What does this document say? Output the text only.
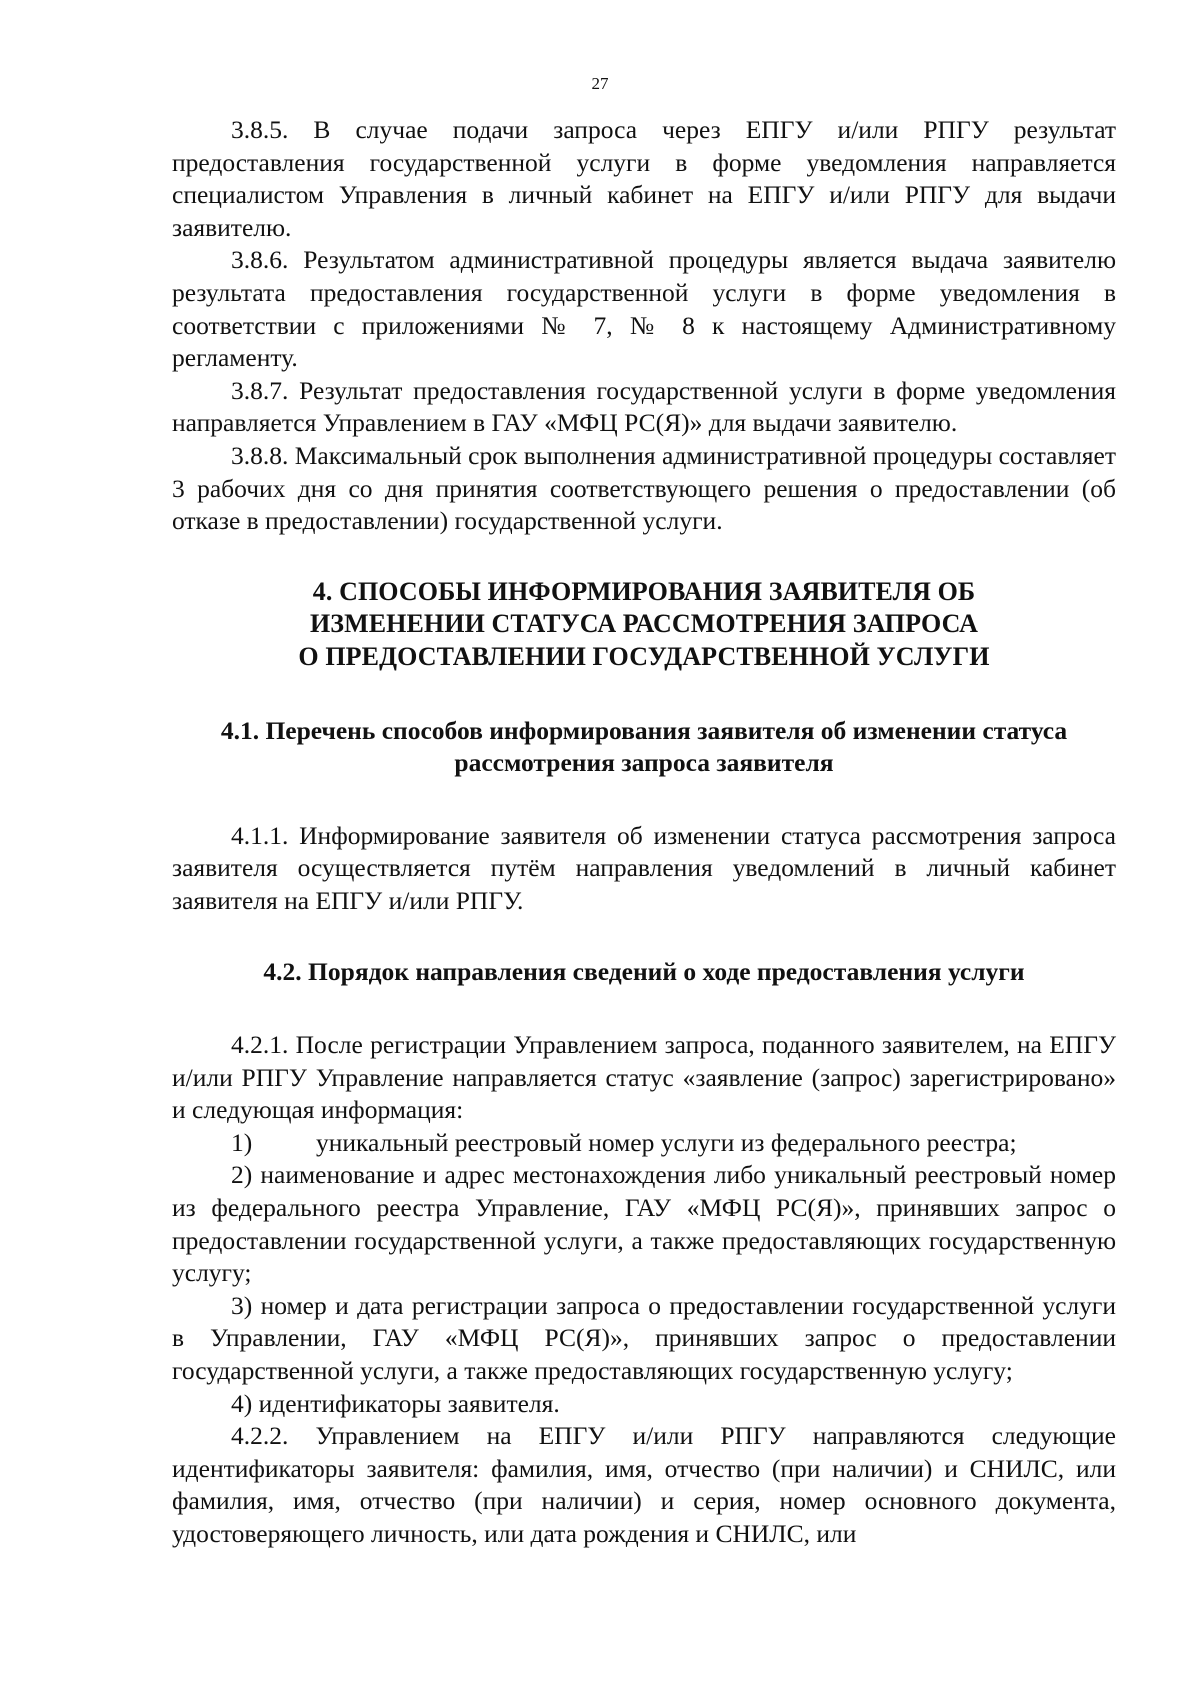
27

3.8.5. В случае подачи запроса через ЕПГУ и/или РПГУ результат предоставления государственной услуги в форме уведомления направляется специалистом Управления в личный кабинет на ЕПГУ и/или РПГУ для выдачи заявителю.

3.8.6. Результатом административной процедуры является выдача заявителю результата предоставления государственной услуги в форме уведомления в соответствии с приложениями № 7, № 8 к настоящему Административному регламенту.

3.8.7. Результат предоставления государственной услуги в форме уведомления направляется Управлением в ГАУ «МФЦ РС(Я)» для выдачи заявителю.

3.8.8. Максимальный срок выполнения административной процедуры составляет 3 рабочих дня со дня принятия соответствующего решения о предоставлении (об отказе в предоставлении) государственной услуги.

4. СПОСОБЫ ИНФОРМИРОВАНИЯ ЗАЯВИТЕЛЯ ОБ
ИЗМЕНЕНИИ СТАТУСА РАССМОТРЕНИЯ ЗАПРОСА
О ПРЕДОСТАВЛЕНИИ ГОСУДАРСТВЕННОЙ УСЛУГИ
4.1. Перечень способов информирования заявителя об изменении статуса
рассмотрения запроса заявителя

4.1.1. Информирование заявителя об изменении статуса рассмотрения запроса заявителя осуществляется путём направления уведомлений в личный кабинет заявителя на ЕПГУ и/или РПГУ.

4.2. Порядок направления сведений о ходе предоставления услуги

4.2.1. После регистрации Управлением запроса, поданного заявителем, на ЕПГУ и/или РПГУ Управление направляется статус «заявление (запрос) зарегистрировано» и следующая информация:

1)	уникальный реестровый номер услуги из федерального реестра;

2) наименование и адрес местонахождения либо уникальный реестровый номер из федерального реестра Управление, ГАУ «МФЦ РС(Я)», принявших запрос о предоставлении государственной услуги, а также предоставляющих государственную услугу;

3) номер и дата регистрации запроса о предоставлении государственной услуги в Управлении, ГАУ «МФЦ РС(Я)», принявших запрос о предоставлении государственной услуги, а также предоставляющих государственную услугу;

4) идентификаторы заявителя.

4.2.2. Управлением на ЕПГУ и/или РПГУ направляются следующие идентификаторы заявителя: фамилия, имя, отчество (при наличии) и СНИЛС, или фамилия, имя, отчество (при наличии) и серия, номер основного документа, удостоверяющего личность, или дата рождения и СНИЛС, или
